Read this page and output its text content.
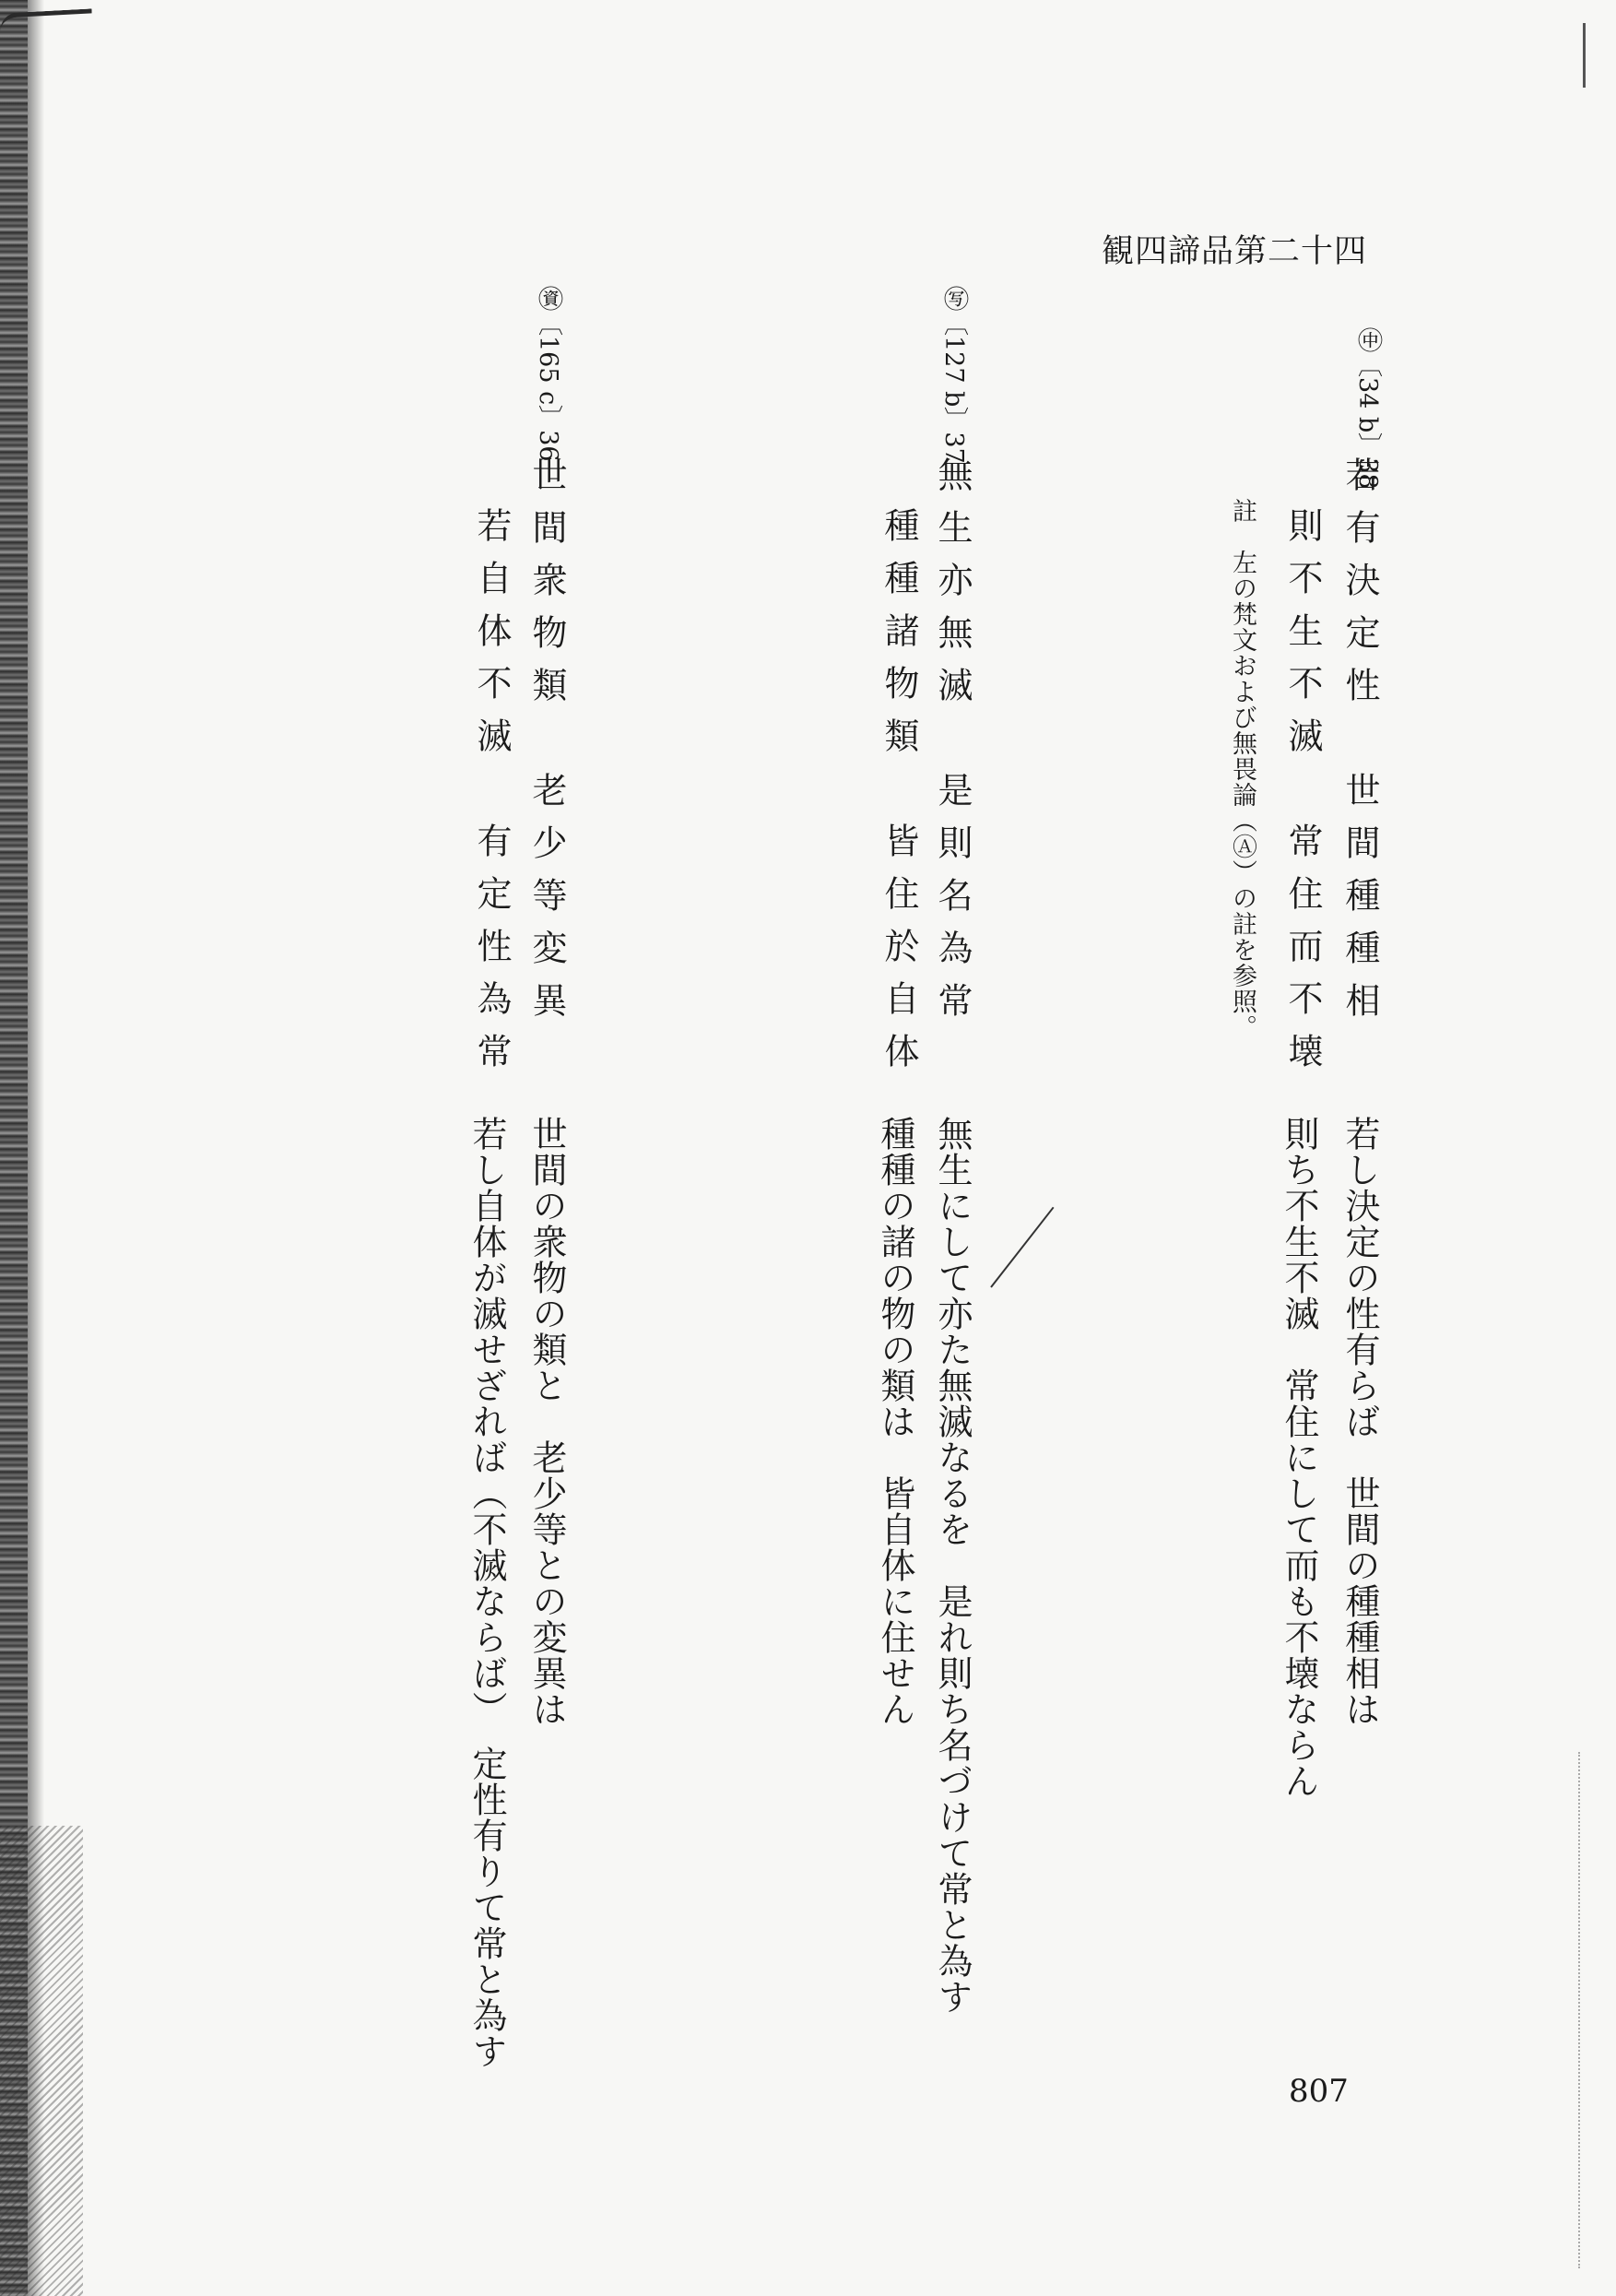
観四諦品第二十四
㊥〔34 b〕38
若有決定性　世間種種相
則不生不滅　常住而不壊
註　左の梵文および無畏論（Ⓐ）の註を参照。
若し決定の性有らば　世間の種種相は
則ち不生不滅　常住にして而も不壊ならん
㊢〔127 b〕37
無生亦無滅　是則名為常
種種諸物類　皆住於自体
無生にして亦た無滅なるを　是れ則ち名づけて常と為す
種種の諸の物の類は　皆自体に住せん
㊮〔165 c〕36
世間衆物類　老少等変異
若自体不滅　有定性為常
世間の衆物の類と　老少等との変異は
若し自体が滅せざれば（不滅ならば）　定性有りて常と為す
807
